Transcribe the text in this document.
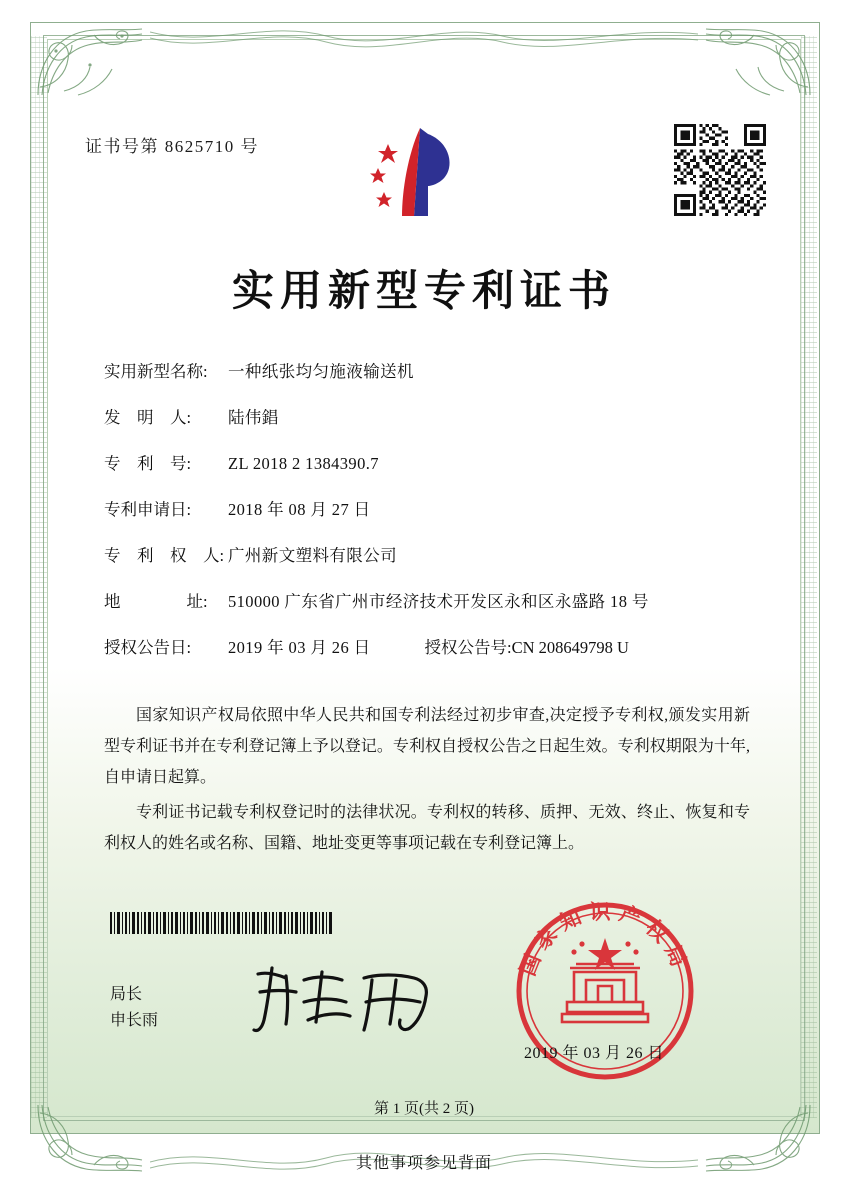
证书号第 8625710 号
实用新型专利证书
实用新型名称:	一种纸张均匀施液输送机
发　明　人:	陆伟錩
专　利　号:	ZL 2018 2 1384390.7
专利申请日:	2018 年 08 月 27 日
专　利　权　人: 广州新文塑料有限公司
地　　　　址:	510000 广东省广州市经济技术开发区永和区永盛路 18 号
授权公告日:	2019 年 03 月 26 日	授权公告号: CN 208649798 U

国家知识产权局依照中华人民共和国专利法经过初步审查,决定授予专利权,颁发实用新型专利证书并在专利登记簿上予以登记。专利权自授权公告之日起生效。专利权期限为十年,自申请日起算。

专利证书记载专利权登记时的法律状况。专利权的转移、质押、无效、终止、恢复和专利权人的姓名或名称、国籍、地址变更等事项记载在专利登记簿上。

局长
申长雨
国家知识产权局
2019 年 03 月 26 日
第 1 页(共 2 页)
其他事项参见背面
